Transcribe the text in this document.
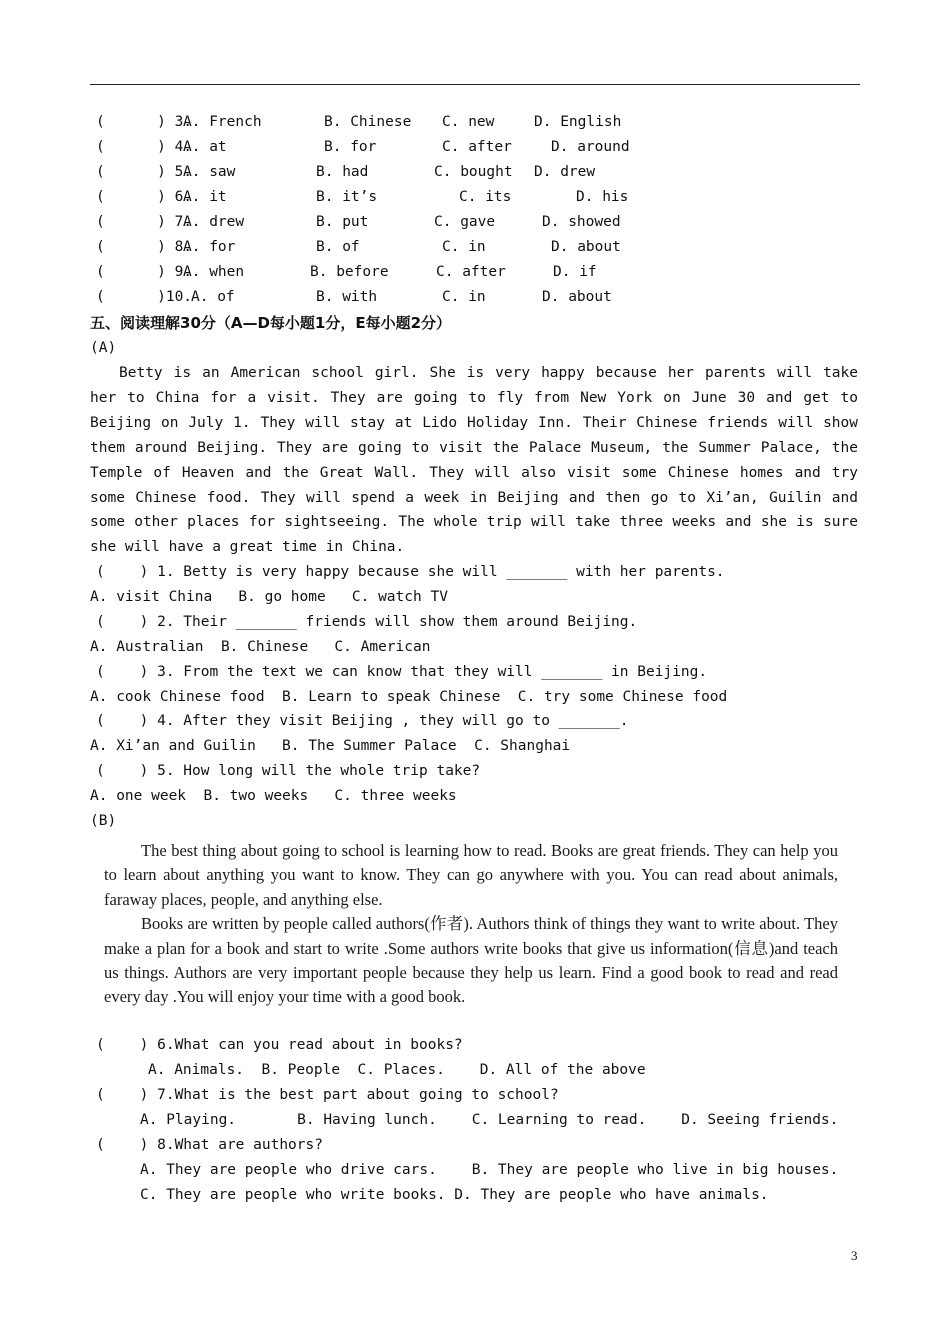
(      ) 3.

A. French

	B. Chinese

C. new

	D. English

(      ) 4.

A. at

	B. for

	C. after

	D. around

(      ) 5.

A. saw

	B. had

	C. bought

D. drew

(      ) 6.

A. it

	B. it’s

	C. its

	D. his

(      ) 7.

A. drew

	B. put

	C. gave

	D. showed

(      ) 8.

A. for

	B. of

	C. in

	D. about

(      ) 9.

A. when

	B. before

	C. after

	D. if

(      )10.

A. of

	B. with

	C. in

	D. about

五、阅读理解30分（A—D每小题1分，E每小题2分）
(A)

Betty is an American school girl. She is very happy because her parents will take her to China for a visit. They are going to fly from New York on June 30 and get to Beijing on July 1. They will stay at Lido Holiday Inn. Their Chinese friends will show them around Beijing. They are going to visit the Palace Museum, the Summer Palace, the Temple of Heaven and the Great Wall. They will also visit some Chinese homes and try some Chinese food. They will spend a week in Beijing and then go to Xi’an, Guilin and some other places for sightseeing. The whole trip will take three weeks and she is sure she will have a great time in China.

(    ) 1. Betty is very happy because she will _______ with her parents.
A. visit China   B. go home   C. watch TV
(    ) 2. Their _______ friends will show them around Beijing.
A. Australian  B. Chinese   C. American
(    ) 3. From the text we can know that they will _______ in Beijing.
A. cook Chinese food  B. Learn to speak Chinese  C. try some Chinese food
(    ) 4. After they visit Beijing , they will go to _______.
A. Xi’an and Guilin   B. The Summer Palace  C. Shanghai
(    ) 5. How long will the whole trip take?
A. one week  B. two weeks   C. three weeks
(B)

The best thing about going to school is learning how to read. Books are great friends. They can help you to learn about anything you want to know. They can go anywhere with you. You can read about animals, faraway places, people, and anything else.

Books are written by people called authors(作者). Authors think of things they want to write about. They make a plan for a book and start to write .Some authors write books that give us information(信息)and teach us things. Authors are very important people because they help us learn. Find a good book to read and read every day .You will enjoy your time with a good book.

(    ) 6.What can you read about in books?
A. Animals.  B. People  C. Places.    D. All of the above
(    ) 7.What is the best part about going to school?
A. Playing.       B. Having lunch.    C. Learning to read.    D. Seeing friends.
(    ) 8.What are authors?
A. They are people who drive cars.    B. They are people who live in big houses.
C. They are people who write books. D. They are people who have animals.
3
